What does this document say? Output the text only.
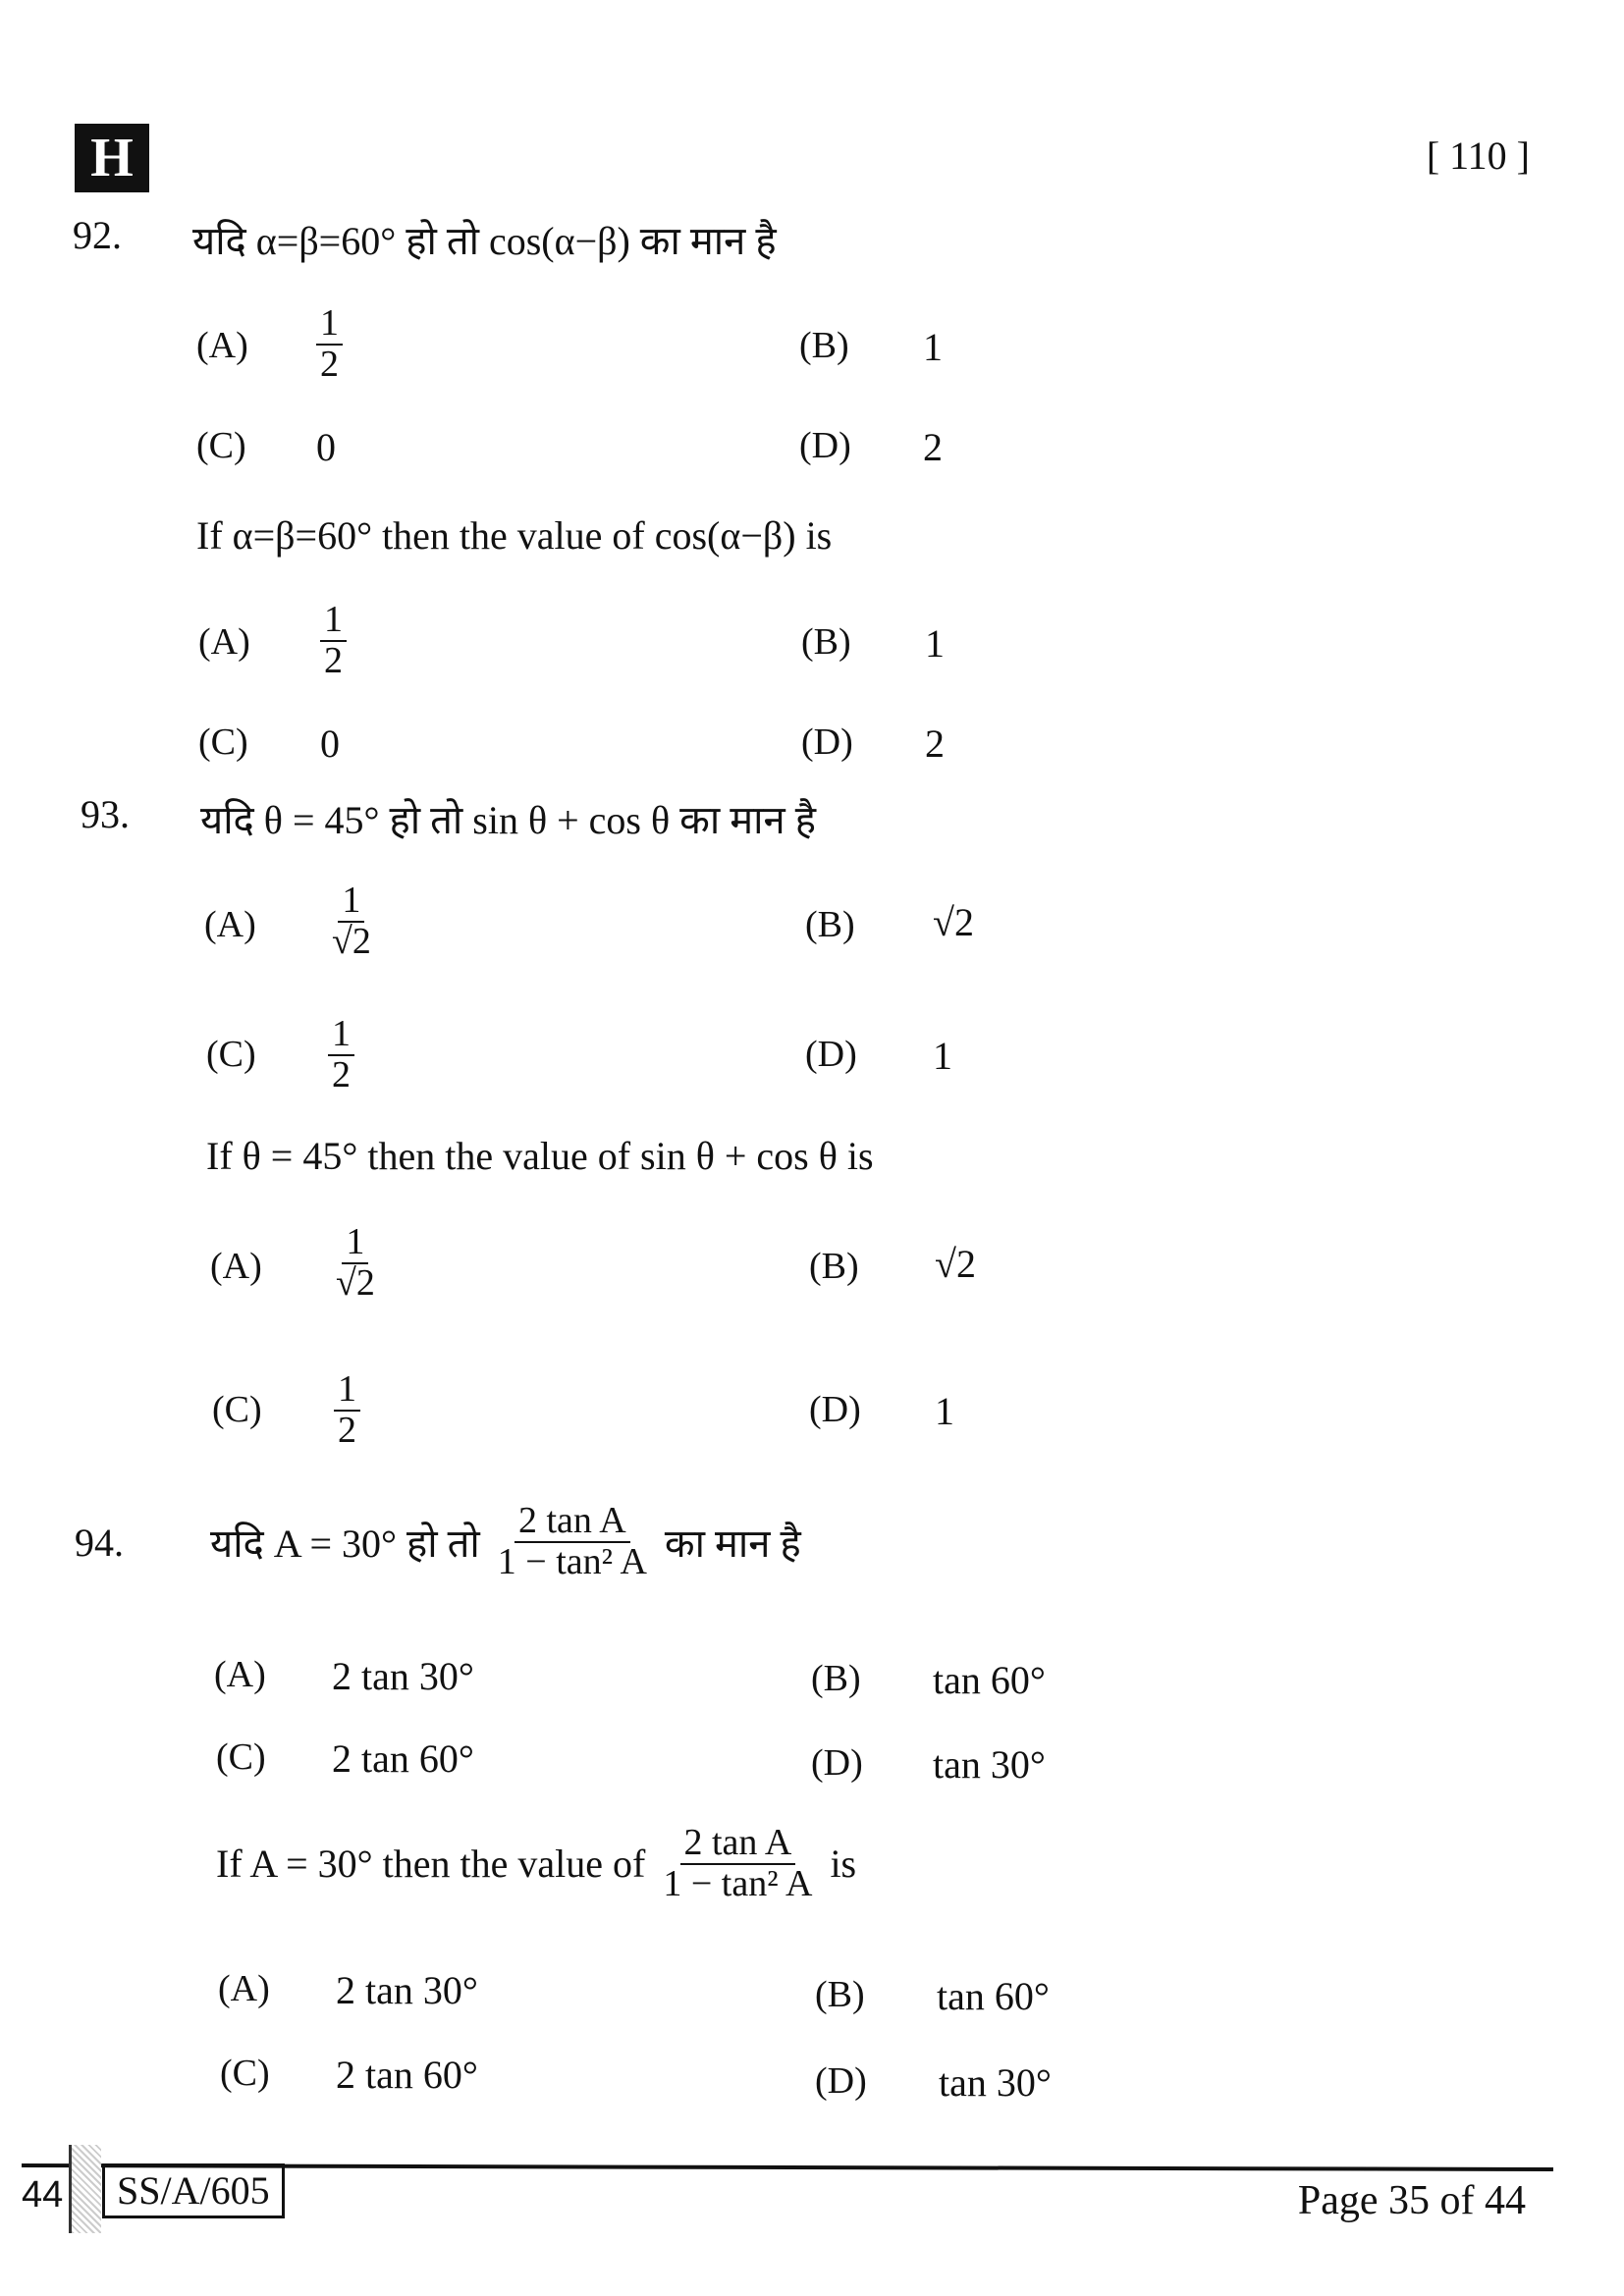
H	[ 110 ]
92. यदि α=β=60° हो तो cos(α−β) का मान है
$(A) \frac{1}{2}$	(B) 1
(C) 0	(D) 2
If α=β=60° then the value of cos(α−β) is
$(A) \frac{1}{2}$	(B) 1
(C) 0	(D) 2
93. यदि θ = 45° हो तो sin θ + cos θ का मान है
$(A) \frac{1}{√2}$	(B) √2
$(C) \frac{1}{2}$	(D) 1
If θ = 45° then the value of sin θ + cos θ is
$(A) \frac{1}{√2}$	(B) √2
$(C) \frac{1}{2}$	(D) 1
94. यदि A = 30° हो तो $\frac{\text{2 tan A}}{\text{1 − tan² A}}$ का मान है
(A) 2 tan 30°	(B) tan 60°
(C) 2 tan 60°	(D) tan 30°
If A = 30° then the value of $\frac{\text{2 tan A}}{\text{1 − tan² A}}$ is
(A) 2 tan 30°	(B) tan 60°
(C) 2 tan 60°	(D) tan 30°
44	SS/A/605	Page 35 of 44
